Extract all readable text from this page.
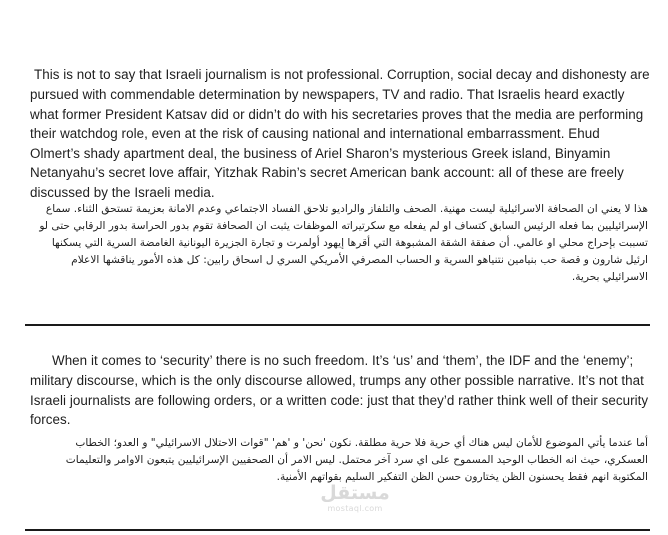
This is not to say that Israeli journalism is not professional. Corruption, social decay and dishonesty are pursued with commendable determination by newspapers, TV and radio. That Israelis heard exactly what former President Katsav did or didn’t do with his secretaries proves that the media are performing their watchdog role, even at the risk of causing national and international embarrassment. Ehud Olmert’s shady apartment deal, the business of Ariel Sharon’s mysterious Greek island, Binyamin Netanyahu’s secret love affair, Yitzhak Rabin’s secret American bank account: all of these are freely discussed by the Israeli media.

هذا لا يعني ان الصحافة الاسرائيلية ليست مهنية. الصحف والتلفاز والراديو تلاحق الفساد الاجتماعي وعدم الامانة بعزيمة تستحق الثناء. سماع الإسرائيليين بما فعله الرئيس السابق كتساف او لم يفعله مع سكرتيراته الموظفات يثبت ان الصحافة تقوم بدور الحراسة بدور الرقابي حتى لو تسببت بإحراج محلي او عالمي. أن صفقة الشقة المشبوهة التي أقرها إيهود أولمرت و تجارة الجزيرة اليونانية الغامضة السرية التي يسكنها ارئيل شارون و قصة حب بنيامين نتنياهو السرية و الحساب المصرفي الأمريكي السري ل اسحاق رابين: كل هذه الأمور يناقشها الاعلام الاسرائيلي بحرية.

When it comes to ‘security’ there is no such freedom. It’s ‘us’ and ‘them’, the IDF and the ‘enemy’; military discourse, which is the only discourse allowed, trumps any other possible narrative. It’s not that Israeli journalists are following orders, or a written code: just that they’d rather think well of their security forces.

أما عندما يأتي الموضوع للأمان ليس هناك أي حرية فلا حرية مطلقة. نكون 'نحن' و 'هم' "قوات الاحتلال الاسرائيلي" و العدو؛ الخطاب العسكري، حيث انه الخطاب الوحيد المسموح على اي سرد آخر محتمل. ليس الامر أن الصحفيين الإسرائيليين يتبعون الاوامر والتعليمات المكتوبة انهم فقط يحسنون الظن يختارون حسن الظن التفكير السليم بقواتهم الأمنية.

مستقل
mostaql.com
